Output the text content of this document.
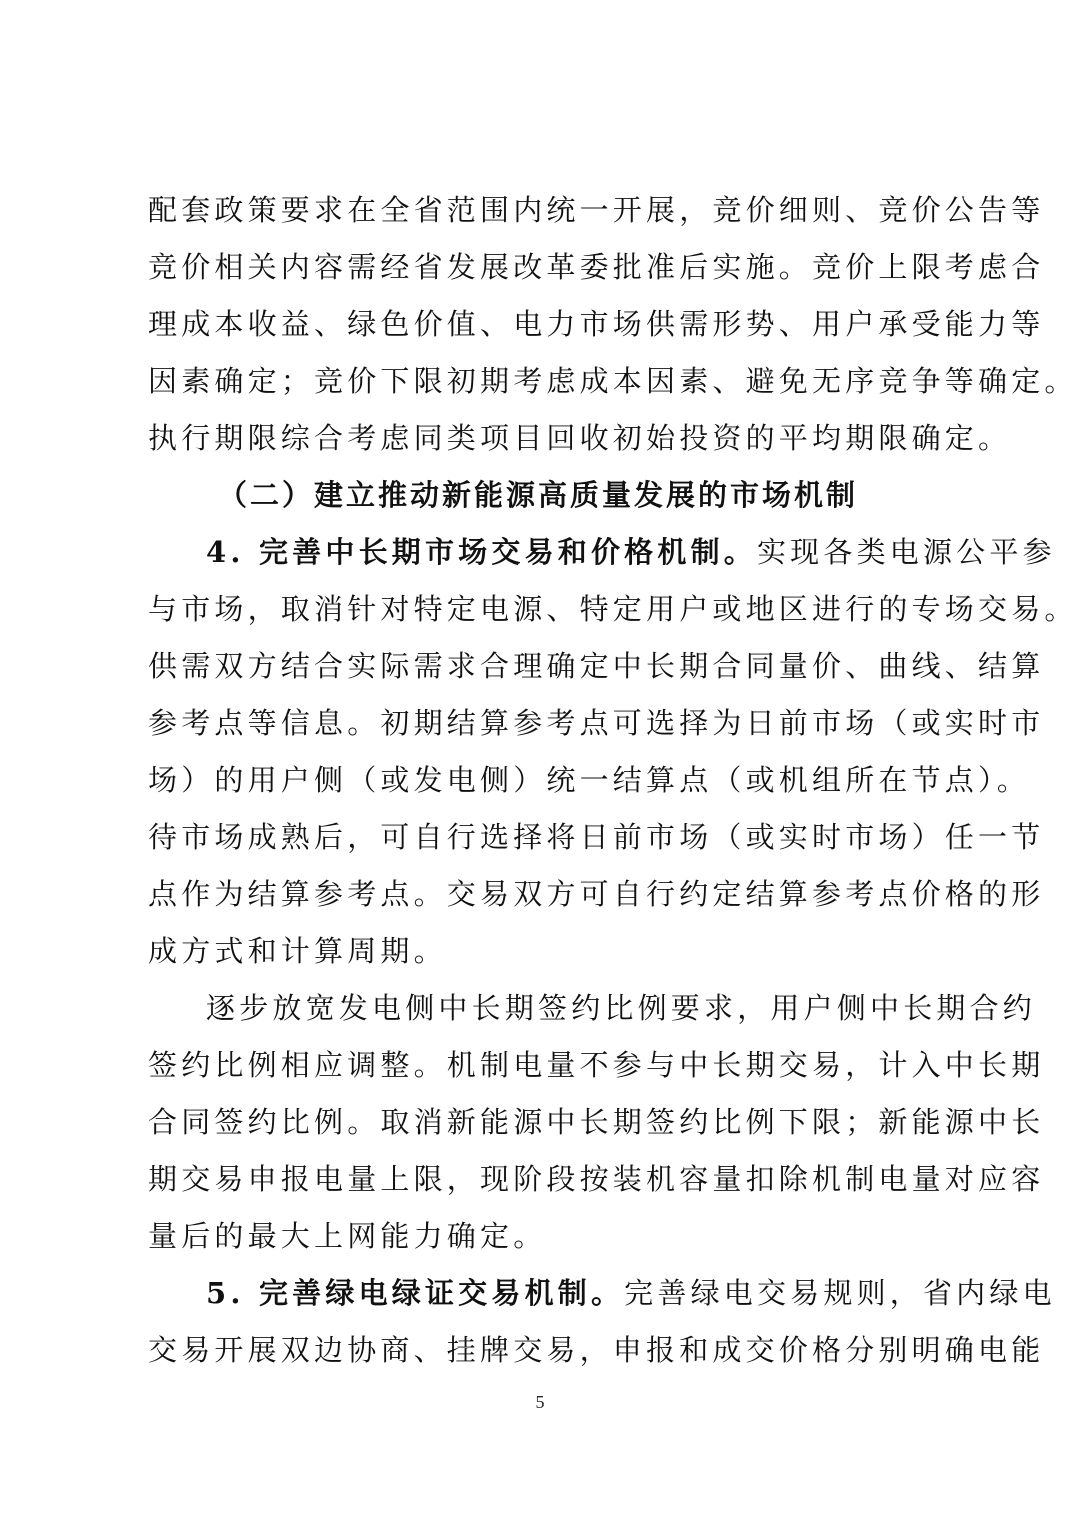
配套政策要求在全省范围内统一开展，竞价细则、竞价公告等
竞价相关内容需经省发展改革委批准后实施。竞价上限考虑合
理成本收益、绿色价值、电力市场供需形势、用户承受能力等
因素确定；竞价下限初期考虑成本因素、避免无序竞争等确定。
执行期限综合考虑同类项目回收初始投资的平均期限确定。
（二）建立推动新能源高质量发展的市场机制
4. 完善中长期市场交易和价格机制。实现各类电源公平参
与市场，取消针对特定电源、特定用户或地区进行的专场交易。
供需双方结合实际需求合理确定中长期合同量价、曲线、结算
参考点等信息。初期结算参考点可选择为日前市场（或实时市
场）的用户侧（或发电侧）统一结算点（或机组所在节点）。
待市场成熟后，可自行选择将日前市场（或实时市场）任一节
点作为结算参考点。交易双方可自行约定结算参考点价格的形
成方式和计算周期。
逐步放宽发电侧中长期签约比例要求，用户侧中长期合约
签约比例相应调整。机制电量不参与中长期交易，计入中长期
合同签约比例。取消新能源中长期签约比例下限；新能源中长
期交易申报电量上限，现阶段按装机容量扣除机制电量对应容
量后的最大上网能力确定。
5. 完善绿电绿证交易机制。完善绿电交易规则，省内绿电
交易开展双边协商、挂牌交易，申报和成交价格分别明确电能
5
